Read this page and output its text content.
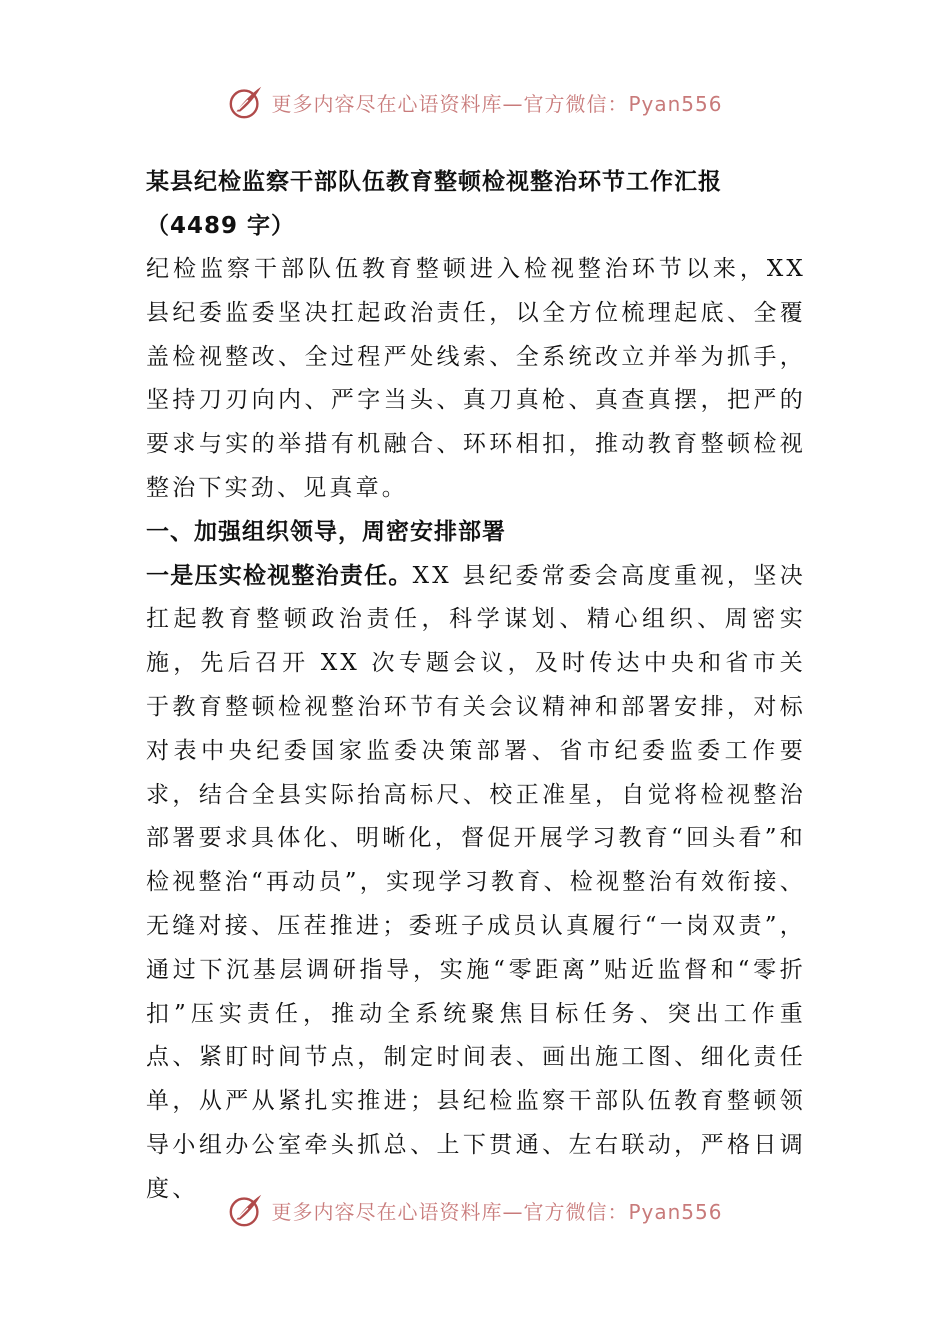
更多内容尽在心语资料库—官方微信：Pyan556

某县纪检监察干部队伍教育整顿检视整治环节工作汇报

（4489 字）

纪检监察干部队伍教育整顿进入检视整治环节以来，XX 县纪委监委坚决扛起政治责任，以全方位梳理起底、全覆盖检视整改、全过程严处线索、全系统改立并举为抓手，坚持刀刃向内、严字当头、真刀真枪、真查真摆，把严的要求与实的举措有机融合、环环相扣，推动教育整顿检视整治下实劲、见真章。

一、加强组织领导，周密安排部署

一是压实检视整治责任。XX 县纪委常委会高度重视，坚决扛起教育整顿政治责任，科学谋划、精心组织、周密实施，先后召开 XX 次专题会议，及时传达中央和省市关于教育整顿检视整治环节有关会议精神和部署安排，对标对表中央纪委国家监委决策部署、省市纪委监委工作要求，结合全县实际抬高标尺、校正准星，自觉将检视整治部署要求具体化、明晰化，督促开展学习教育“回头看”和检视整治“再动员”，实现学习教育、检视整治有效衔接、无缝对接、压茬推进；委班子成员认真履行“一岗双责”，通过下沉基层调研指导，实施“零距离”贴近监督和“零折扣”压实责任，推动全系统聚焦目标任务、突出工作重点、紧盯时间节点，制定时间表、画出施工图、细化责任单，从严从紧扎实推进；县纪检监察干部队伍教育整顿领导小组办公室牵头抓总、上下贯通、左右联动，严格日调度、

更多内容尽在心语资料库—官方微信：Pyan556
